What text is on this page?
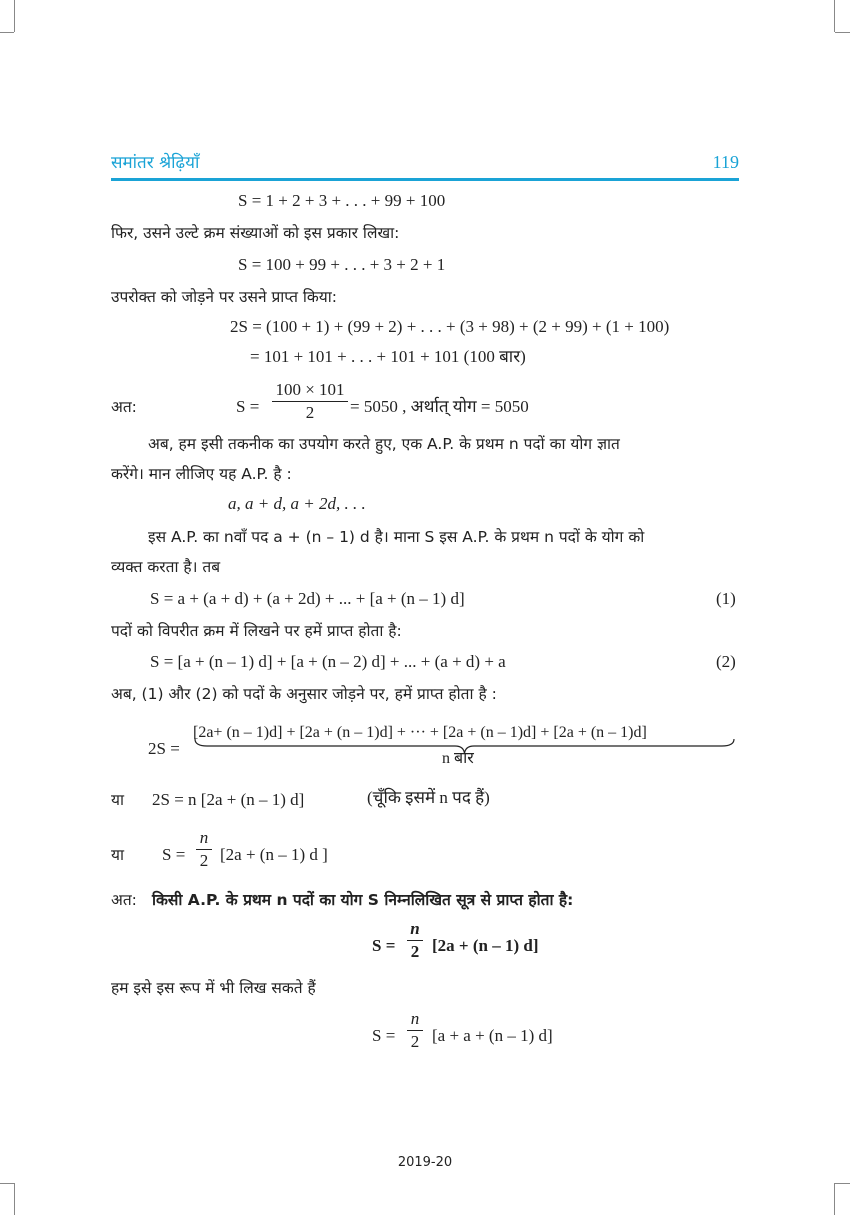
समांतर श्रेढ़ियाँ	119
S = 1 + 2 + 3 + . . . + 99 + 100
फिर, उसने उल्टे क्रम संख्याओं को इस प्रकार लिखा:
S = 100 + 99 + . . . + 3 + 2 + 1
उपरोक्त को जोड़ने पर उसने प्राप्त किया:
2S = (100 + 1) + (99 + 2) + . . . + (3 + 98) + (2 + 99) + (1 + 100)
= 101 + 101 + . . . + 101 + 101 (100 बार)
अत:	S =
100 × 101
2	= 5050 , अर्थात् योग = 5050
अब, हम इसी तकनीक का उपयोग करते हुए, एक A.P. के प्रथम n पदों का योग ज्ञात
करेंगे। मान लीजिए यह A.P. है :
a, a + d, a + 2d, . . .
इस A.P. का nवाँ पद a + (n – 1) d है। माना S इस A.P. के प्रथम n पदों के योग को
व्यक्त करता है। तब
S = a + (a + d) + (a + 2d) + ... + [a + (n – 1) d]	(1)
पदों को विपरीत क्रम में लिखने पर हमें प्राप्त होता है:
S = [a + (n – 1) d] + [a + (n – 2) d] + ... + (a + d) + a	(2)
अब, (1) और (2) को पदों के अनुसार जोड़ने पर, हमें प्राप्त होता है :
2S =
[2a+ (n – 1)d] + [2a + (n – 1)d] + ··· + [2a + (n – 1)d] + [2a + (n – 1)d]
n बार
या 2S = n [2a + (n – 1) d]	(चूँकि इसमें n पद हैं)
या S =
n
2 [2a + (n – 1) d ]
अत: किसी A.P. के प्रथम n पदों का योग S निम्नलिखित सूत्र से प्राप्त होता है:
S =
n
2 [2a + (n – 1) d]
हम इसे इस रूप में भी लिख सकते हैं
S =
n
2 [a + a + (n – 1) d]
2019-20
